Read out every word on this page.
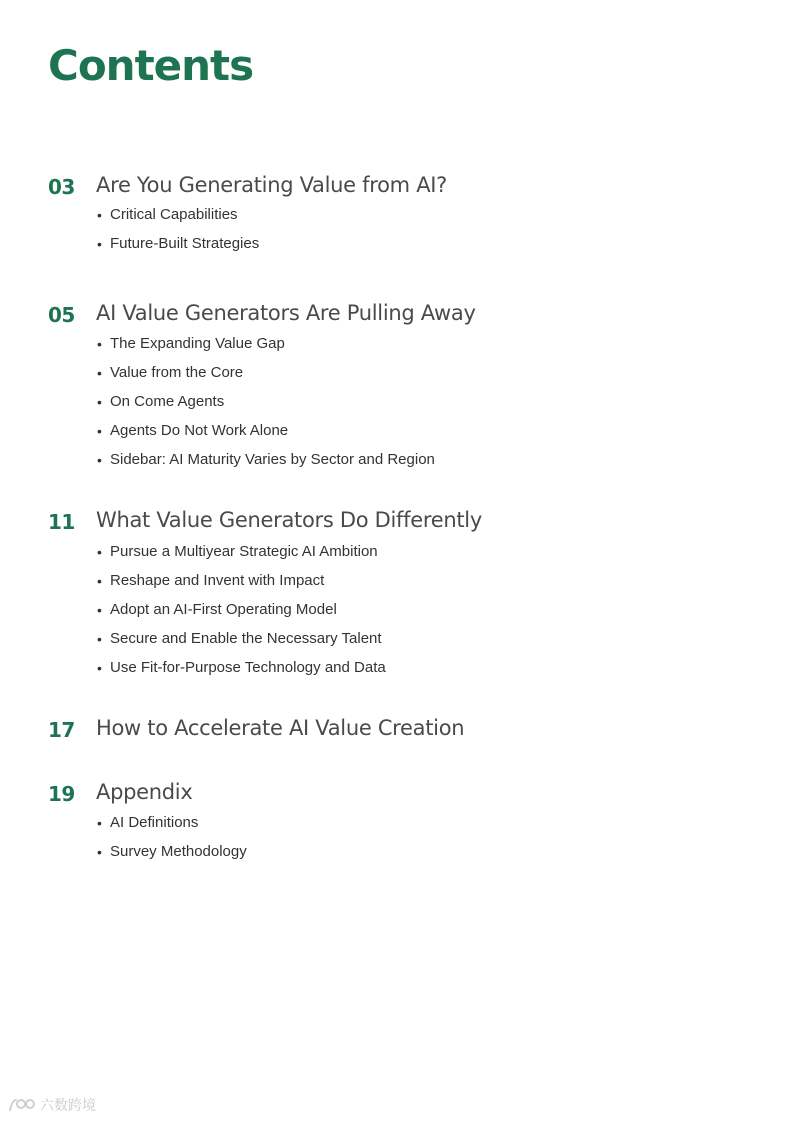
Contents
03 Are You Generating Value from AI?
• Critical Capabilities
• Future-Built Strategies
05 AI Value Generators Are Pulling Away
• The Expanding Value Gap
• Value from the Core
• On Come Agents
• Agents Do Not Work Alone
• Sidebar: AI Maturity Varies by Sector and Region
11 What Value Generators Do Differently
• Pursue a Multiyear Strategic AI Ambition
• Reshape and Invent with Impact
• Adopt an AI-First Operating Model
• Secure and Enable the Necessary Talent
• Use Fit-for-Purpose Technology and Data
17 How to Accelerate AI Value Creation
19 Appendix
• AI Definitions
• Survey Methodology
六数跨境
